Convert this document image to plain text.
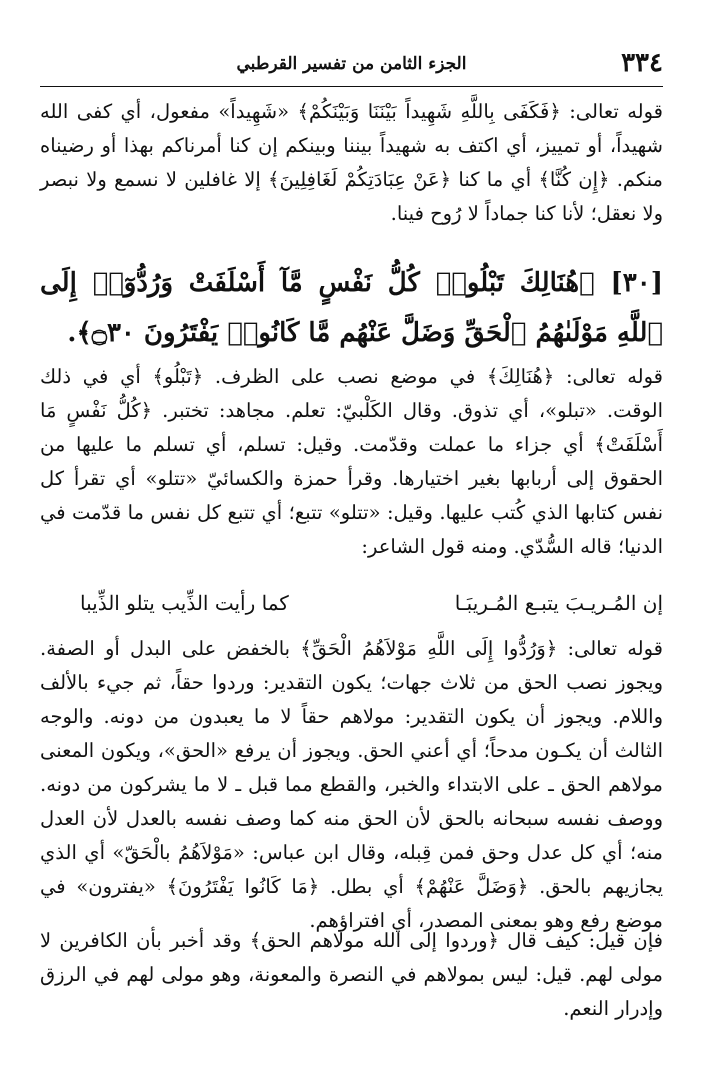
٣٣٤
الجزء الثامن من تفسير القرطبي

قوله تعالى: ﴿فَكَفَى بِاللَّهِ شَهِيداً بَيْنَنَا وَبَيْنَكُمْ﴾ «شَهِيداً» مفعول، أي كفى الله شهيداً، أو تمييز، أي اكتف به شهيداً بيننا وبينكم إن كنا أمرناكم بهذا أو رضيناه منكم. ﴿إِن كُنَّا﴾ أي ما كنا ﴿عَنْ عِبَادَتِكُمْ لَغَافِلِينَ﴾ إلا غافلين لا نسمع ولا نبصر ولا نعقل؛ لأنا كنا جماداً لا رُوح فينا.

[٣٠] ﴿هُنَالِكَ تَبْلُوا۟ كُلُّ نَفْسٍ مَّآ أَسْلَفَتْ وَرُدُّوٓا۟ إِلَى ٱللَّهِ مَوْلَىٰهُمُ ٱلْحَقِّ وَضَلَّ عَنْهُم مَّا كَانُوا۟ يَفْتَرُونَ ۝٣٠﴾.

قوله تعالى: ﴿هُنَالِكَ﴾ في موضع نصب على الظرف. ﴿تَبْلُو﴾ أي في ذلك الوقت. «تبلو»، أي تذوق. وقال الكَلْبيّ: تعلم. مجاهد: تختبر. ﴿كُلُّ نَفْسٍ مَا أَسْلَفَتْ﴾ أي جزاء ما عملت وقدّمت. وقيل: تسلم، أي تسلم ما عليها من الحقوق إلى أربابها بغير اختيارها. وقرأ حمزة والكسائيّ «تتلو» أي تقرأ كل نفس كتابها الذي كُتب عليها. وقيل: «تتلو» تتبع؛ أي تتبع كل نفس ما قدّمت في الدنيا؛ قاله السُّدّي. ومنه قول الشاعر:

إن المُـريـبَ يتبـع المُـريبَـا
كما رأيت الذِّيب يتلو الذِّيبا

قوله تعالى: ﴿وَرُدُّوا إِلَى اللَّهِ مَوْلاَهُمُ الْحَقِّ﴾ بالخفض على البدل أو الصفة. ويجوز نصب الحق من ثلاث جهات؛ يكون التقدير: وردوا حقاً، ثم جيء بالألف واللام. ويجوز أن يكون التقدير: مولاهم حقاً لا ما يعبدون من دونه. والوجه الثالث أن يكـون مدحاً؛ أي أعني الحق. ويجوز أن يرفع «الحق»، ويكون المعنى مولاهم الحق ـ على الابتداء والخبر، والقطع مما قبل ـ لا ما يشركون من دونه. ووصف نفسه سبحانه بالحق لأن الحق منه كما وصف نفسه بالعدل لأن العدل منه؛ أي كل عدل وحق فمن قِبله، وقال ابن عباس: «مَوْلاَهُمُ بالْحَقّ» أي الذي يجازيهم بالحق. ﴿وَضَلَّ عَنْهُمْ﴾ أي بطل. ﴿مَا كَانُوا يَفْتَرُونَ﴾ «يفترون» في موضع رفع وهو بمعنى المصدر، أي افتراؤهم.

فإن قيل: كيف قال ﴿وردوا إلى الله مولاهم الحق﴾ وقد أخبر بأن الكافرين لا مولى لهم. قيل: ليس بمولاهم في النصرة والمعونة، وهو مولى لهم في الرزق وإدرار النعم.
